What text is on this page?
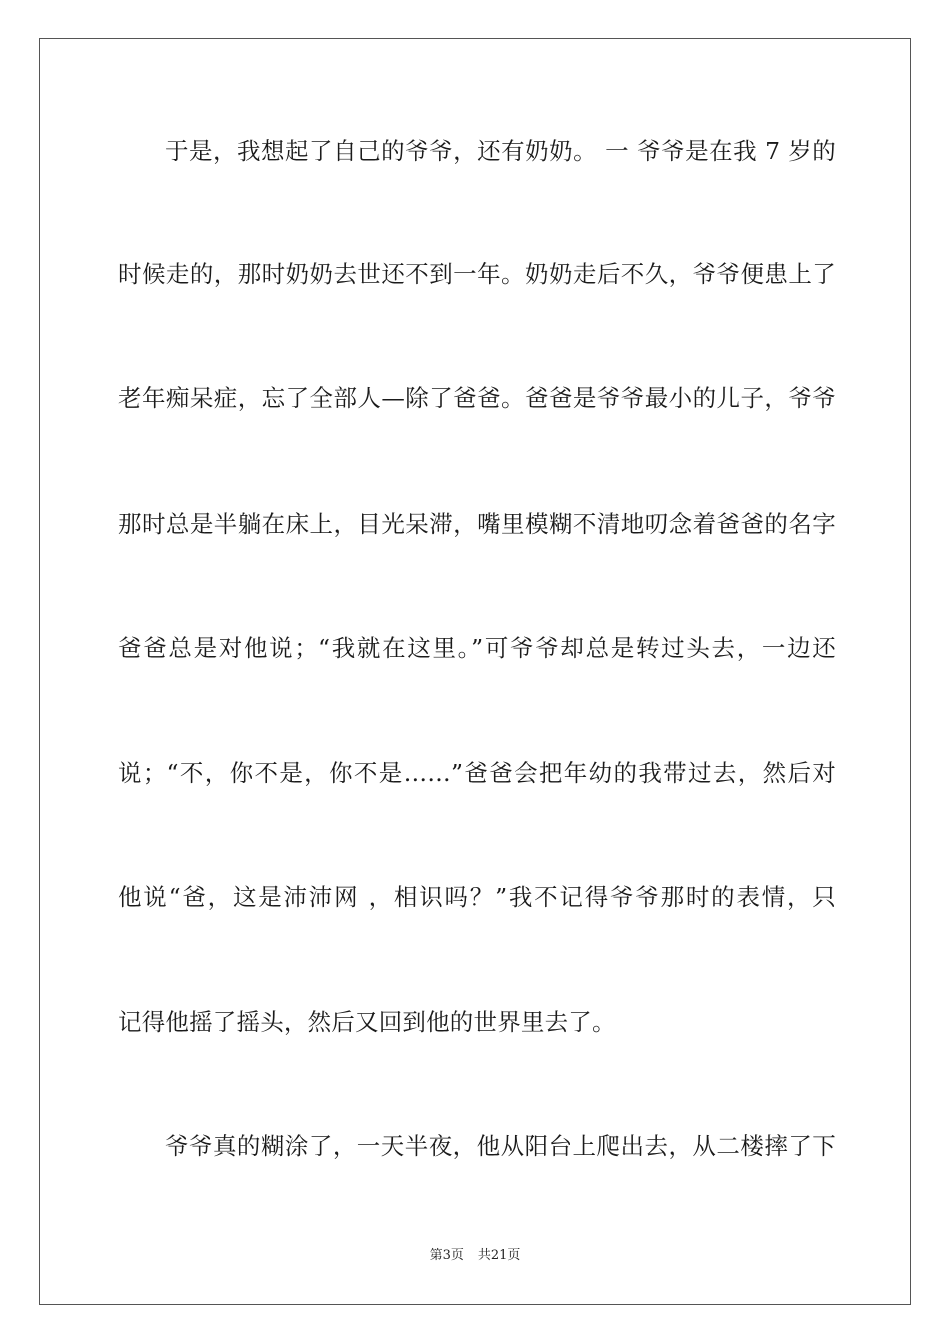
于是，我想起了自己的爷爷，还有奶奶。 一 爷爷是在我 7 岁的
时候走的，那时奶奶去世还不到一年。奶奶走后不久，爷爷便患上了
老年痴呆症，忘了全部人—除了爸爸。爸爸是爷爷最小的儿子，爷爷
那时总是半躺在床上，目光呆滞，嘴里模糊不清地叨念着爸爸的名字
爸爸总是对他说；“我就在这里。”可爷爷却总是转过头去，一边还
说；“不，你不是，你不是……”爸爸会把年幼的我带过去，然后对
他说“爸，这是沛沛网 ，相识吗？”我不记得爷爷那时的表情，只
记得他摇了摇头，然后又回到他的世界里去了。
爷爷真的糊涂了，一天半夜，他从阳台上爬出去，从二楼摔了下
第3页 共21页
